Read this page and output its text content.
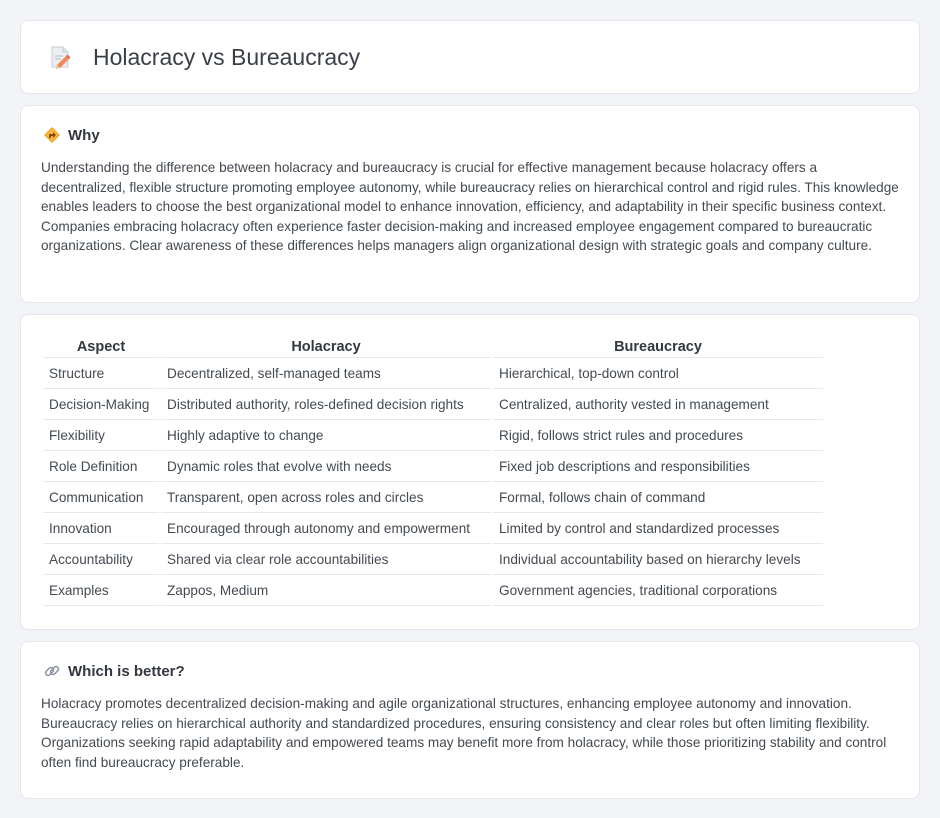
Holacracy vs Bureaucracy
Why

Understanding the difference between holacracy and bureaucracy is crucial for effective management because holacracy offers a decentralized, flexible structure promoting employee autonomy, while bureaucracy relies on hierarchical control and rigid rules. This knowledge enables leaders to choose the best organizational model to enhance innovation, efficiency, and adaptability in their specific business context. Companies embracing holacracy often experience faster decision-making and increased employee engagement compared to bureaucratic organizations. Clear awareness of these differences helps managers align organizational design with strategic goals and company culture.

Aspect	Holacracy	Bureaucracy
Structure	Decentralized, self-managed teams	Hierarchical, top-down control
Decision-Making	Distributed authority, roles-defined decision rights	Centralized, authority vested in management
Flexibility	Highly adaptive to change	Rigid, follows strict rules and procedures
Role Definition	Dynamic roles that evolve with needs	Fixed job descriptions and responsibilities
Communication	Transparent, open across roles and circles	Formal, follows chain of command
Innovation	Encouraged through autonomy and empowerment	Limited by control and standardized processes
Accountability	Shared via clear role accountabilities	Individual accountability based on hierarchy levels
Examples	Zappos, Medium	Government agencies, traditional corporations
Which is better?

Holacracy promotes decentralized decision-making and agile organizational structures, enhancing employee autonomy and innovation. Bureaucracy relies on hierarchical authority and standardized procedures, ensuring consistency and clear roles but often limiting flexibility. Organizations seeking rapid adaptability and empowered teams may benefit more from holacracy, while those prioritizing stability and control often find bureaucracy preferable.
